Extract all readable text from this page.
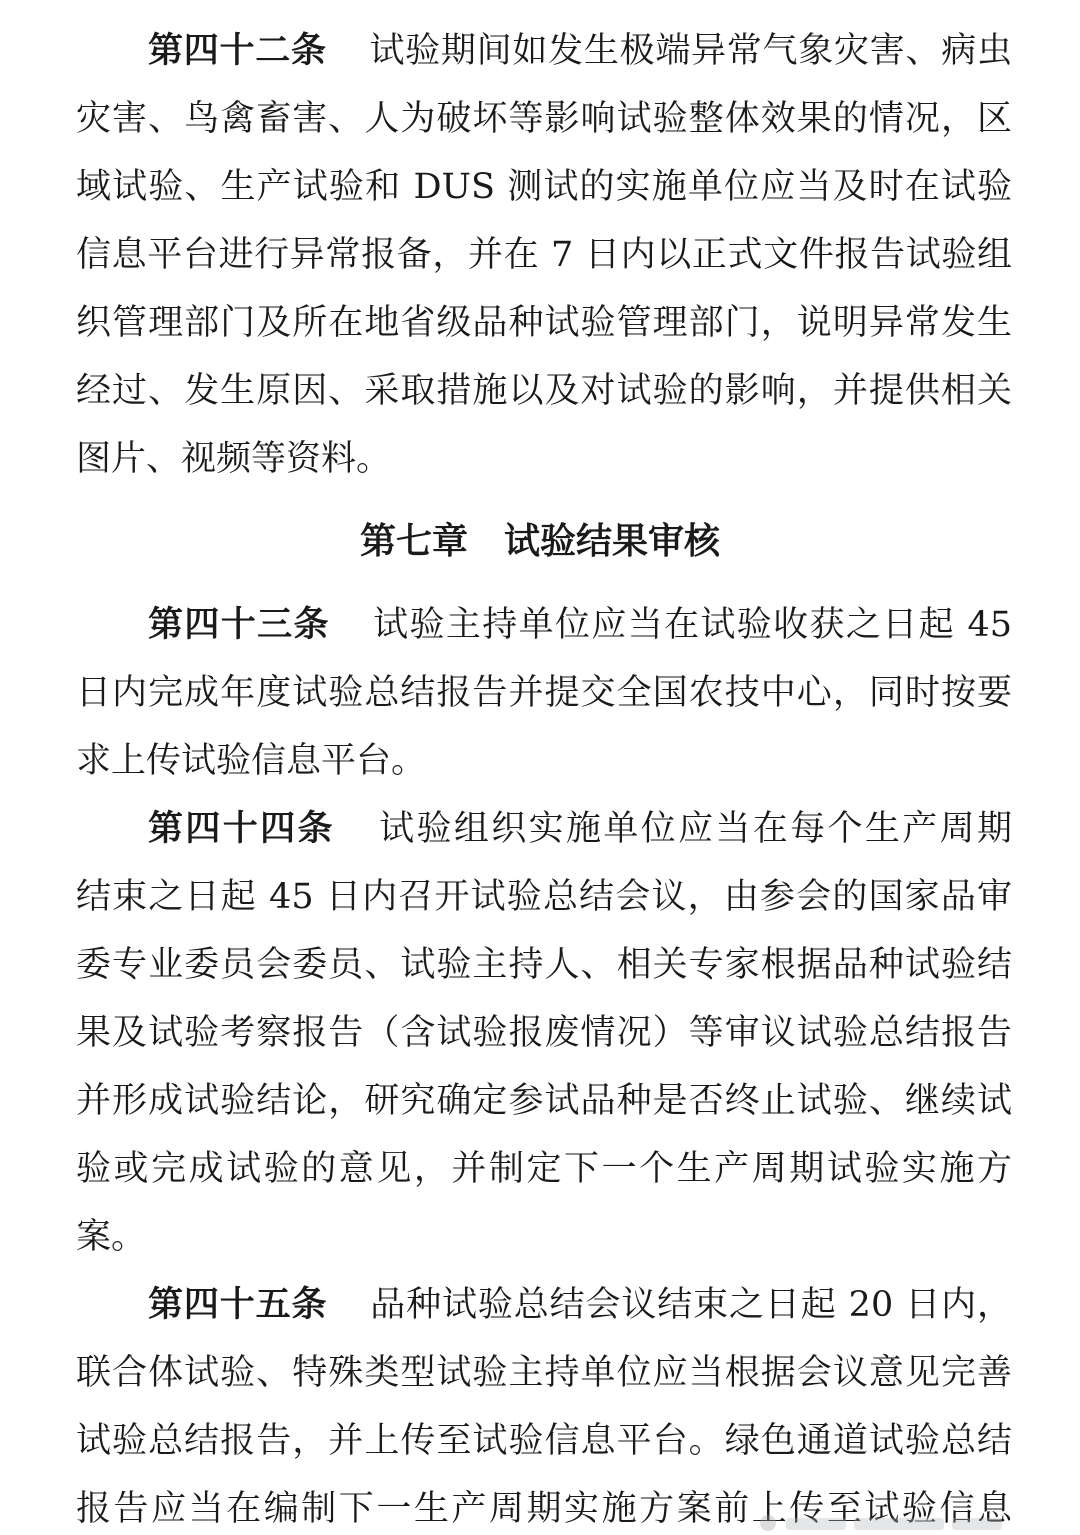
第四十二条 试验期间如发生极端异常气象灾害、病虫
灾害、鸟禽畜害、人为破坏等影响试验整体效果的情况，区
域试验、生产试验和 DUS 测试的实施单位应当及时在试验
信息平台进行异常报备，并在 7 日内以正式文件报告试验组
织管理部门及所在地省级品种试验管理部门，说明异常发生
经过、发生原因、采取措施以及对试验的影响，并提供相关
图片、视频等资料。
第七章 试验结果审核
第四十三条 试验主持单位应当在试验收获之日起 45
日内完成年度试验总结报告并提交全国农技中心，同时按要
求上传试验信息平台。
第四十四条 试验组织实施单位应当在每个生产周期
结束之日起 45 日内召开试验总结会议，由参会的国家品审
委专业委员会委员、试验主持人、相关专家根据品种试验结
果及试验考察报告（含试验报废情况）等审议试验总结报告
并形成试验结论，研究确定参试品种是否终止试验、继续试
验或完成试验的意见，并制定下一个生产周期试验实施方
案。
第四十五条 品种试验总结会议结束之日起 20 日内，
联合体试验、特殊类型试验主持单位应当根据会议意见完善
试验总结报告，并上传至试验信息平台。绿色通道试验总结
报告应当在编制下一生产周期实施方案前上传至试验信息
